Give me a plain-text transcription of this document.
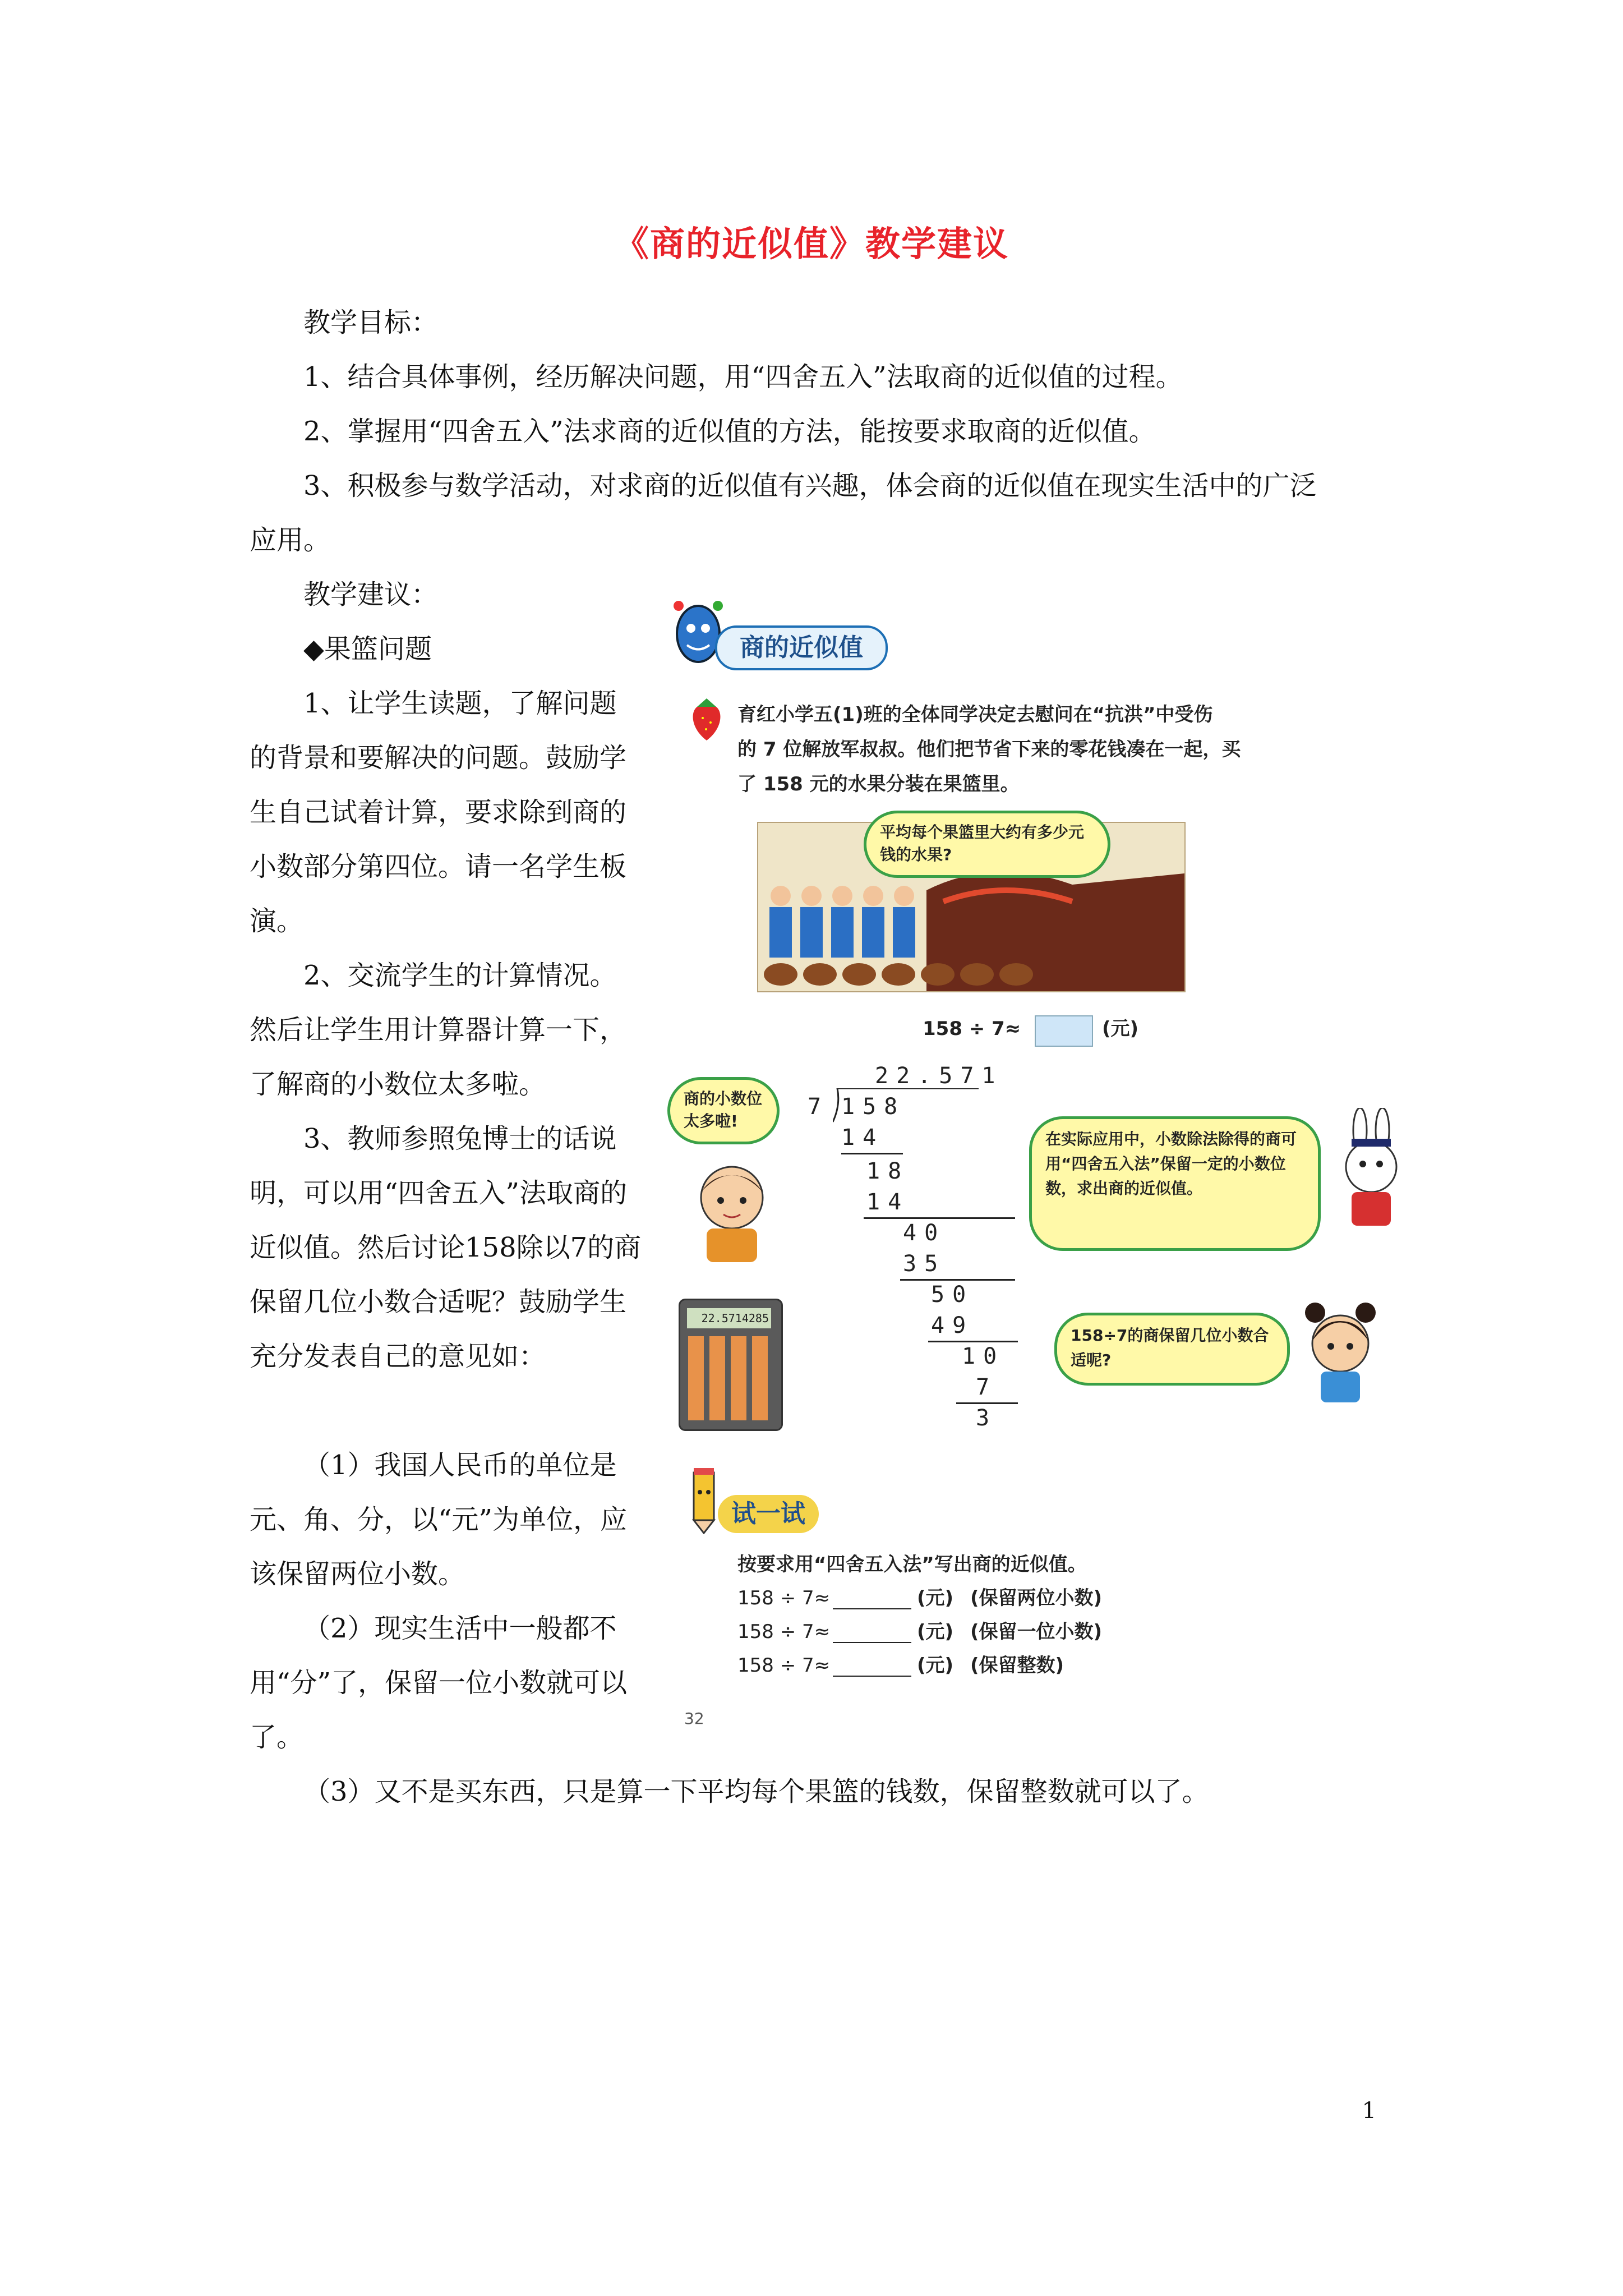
《商的近似值》教学建议
教学目标：
1、结合具体事例，经历解决问题，用“四舍五入”法取商的近似值的过程。
2、掌握用“四舍五入”法求商的近似值的方法，能按要求取商的近似值。
3、积极参与数学活动，对求商的近似值有兴趣，体会商的近似值在现实生活中的广泛
应用。
教学建议：
◆果篮问题
1、让学生读题，了解问题的背景和要解决的问题。鼓励学生自己试着计算，要求除到商的小数部分第四位。请一名学生板演。
2、交流学生的计算情况。然后让学生用计算器计算一下，了解商的小数位太多啦。
3、教师参照兔博士的话说明，可以用“四舍五入”法取商的近似值。然后讨论158除以7的商保留几位小数合适呢？鼓励学生充分发表自己的意见如：
（1）我国人民币的单位是元、角、分，以“元”为单位，应该保留两位小数。
（2）现实生活中一般都不用“分”了，保留一位小数就可以了。
（3）又不是买东西，只是算一下平均每个果篮的钱数，保留整数就可以了。
商的近似值
育红小学五(1)班的全体同学决定去慰问在“抗洪”中受伤
的 7 位解放军叔叔。他们把节省下来的零花钱凑在一起，买
了 158 元的水果分装在果篮里。
平均每个果篮里大约有多少元钱的水果?
158 ÷ 7≈	(元)
22.571
7 158
14
18
14
40
35
50
49
10
7
3
商的小数位太多啦!
22.5714285
在实际应用中，小数除法除得的商可用“四舍五入法”保留一定的小数位数，求出商的近似值。
158÷7的商保留几位小数合适呢?
试一试
按要求用“四舍五入法”写出商的近似值。
158 ÷ 7≈	(元) (保留两位小数)
158 ÷ 7≈	(元) (保留一位小数)
158 ÷ 7≈	(元) (保留整数)
32
1
